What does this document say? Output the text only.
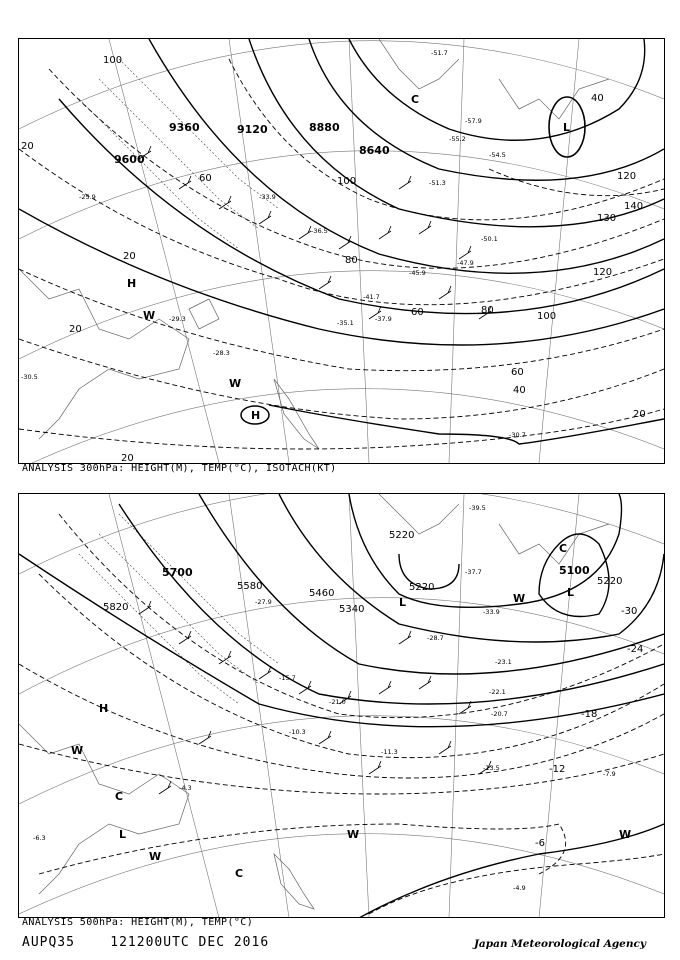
9360	9120	8880
8640
9600
100
60
20
20
20
20
100	120
140
130
80
40
60	100
120
60
40
20
80
-51.7
-57.9
-55.2
-54.5
-51.3
-50.1
-47.9
-45.9
-41.7
-37.9
-35.1
-29.3
-28.3
-30.7
-30.5
-25.9	-33.9
-36.5
L
H
H
C
W
W
ANALYSIS 300hPa: HEIGHT(M), TEMP(°C), ISOTACH(KT)
5700
5580
5460
5340
5220
5220
5100
5220
5820	-30
-24
-18
-12
-6
-39.5
-37.7
-33.9
-28.7
-23.1
-22.1
-20.7
-13.5
-7.9
-4.9
-11.3
-15.7
-21.0
-27.9
-10.3
-4.3
-6.3
L
L
L
H
C
C
C
W
W
W
W	W
ANALYSIS 500hPa: HEIGHT(M), TEMP(°C)
AUPQ35	121200UTC DEC 2016	Japan Meteorological Agency
